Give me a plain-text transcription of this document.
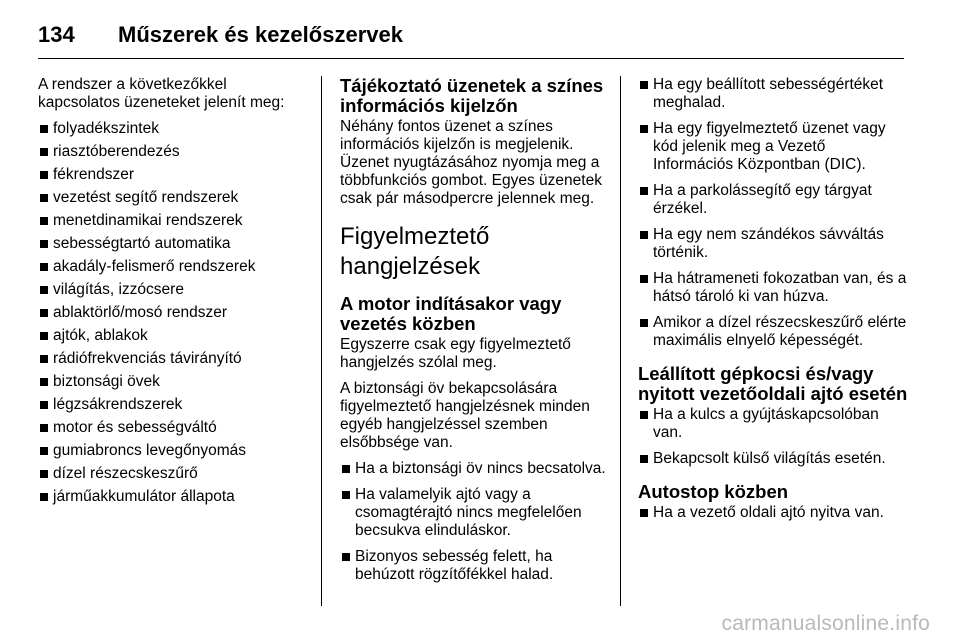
134 Műszerek és kezelőszervek

A rendszer a következőkkel kapcsolatos üzeneteket jelenít meg:

folyadékszintek
riasztóberendezés
fékrendszer
vezetést segítő rendszerek
menetdinamikai rendszerek
sebességtartó automatika
akadály-felismerő rendszerek
világítás, izzócsere
ablaktörlő/mosó rendszer
ajtók, ablakok
rádiófrekvenciás távirányító
biztonsági övek
légzsákrendszerek
motor és sebességváltó
gumiabroncs levegőnyomás
dízel részecskeszűrő
járműakkumulátor állapota
Tájékoztató üzenetek a színes információs kijelzőn

Néhány fontos üzenet a színes információs kijelzőn is megjelenik. Üzenet nyugtázásához nyomja meg a többfunkciós gombot. Egyes üzenetek csak pár másodpercre jelennek meg.

Figyelmeztető hangjelzések
A motor indításakor vagy vezetés közben

Egyszerre csak egy figyelmeztető hangjelzés szólal meg.

A biztonsági öv bekapcsolására figyelmeztető hangjelzésnek minden egyéb hangjelzéssel szemben elsőbbsége van.

Ha a biztonsági öv nincs becsatolva.
Ha valamelyik ajtó vagy a csomagtérajtó nincs megfelelően becsukva elinduláskor.
Bizonyos sebesség felett, ha behúzott rögzítőfékkel halad.
Ha egy beállított sebességértéket meghalad.
Ha egy figyelmeztető üzenet vagy kód jelenik meg a Vezető Információs Központban (DIC).
Ha a parkolássegítő egy tárgyat érzékel.
Ha egy nem szándékos sávváltás történik.
Ha hátrameneti fokozatban van, és a hátsó tároló ki van húzva.
Amikor a dízel részecskeszűrő elérte maximális elnyelő képességét.
Leállított gépkocsi és/vagy nyitott vezetőoldali ajtó esetén
Ha a kulcs a gyújtáskapcsolóban van.
Bekapcsolt külső világítás esetén.
Autostop közben
Ha a vezető oldali ajtó nyitva van.
carmanualsonline.info
